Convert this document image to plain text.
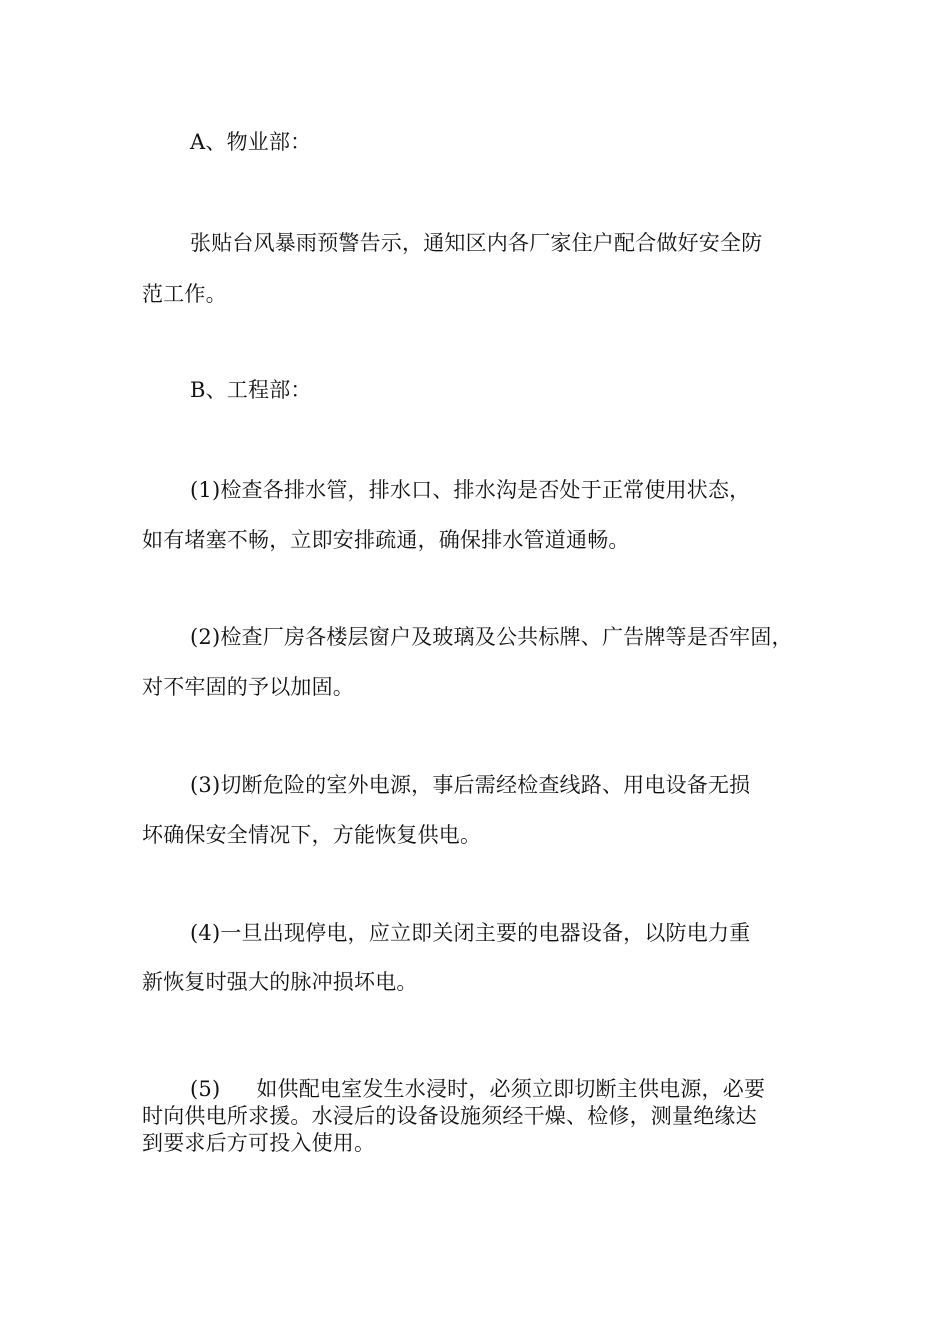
A、物业部：
张贴台风暴雨预警告示，通知区内各厂家住户配合做好安全防
范工作。
B、工程部：
(1)检查各排水管，排水口、排水沟是否处于正常使用状态，
如有堵塞不畅，立即安排疏通，确保排水管道通畅。
(2)检查厂房各楼层窗户及玻璃及公共标牌、广告牌等是否牢固，
对不牢固的予以加固。
(3)切断危险的室外电源，事后需经检查线路、用电设备无损
坏确保安全情况下，方能恢复供电。
(4)一旦出现停电，应立即关闭主要的电器设备，以防电力重
新恢复时强大的脉冲损坏电。
(5) 如供配电室发生水浸时，必须立即切断主供电源，必要
时向供电所求援。水浸后的设备设施须经干燥、检修，测量绝缘达
到要求后方可投入使用。
